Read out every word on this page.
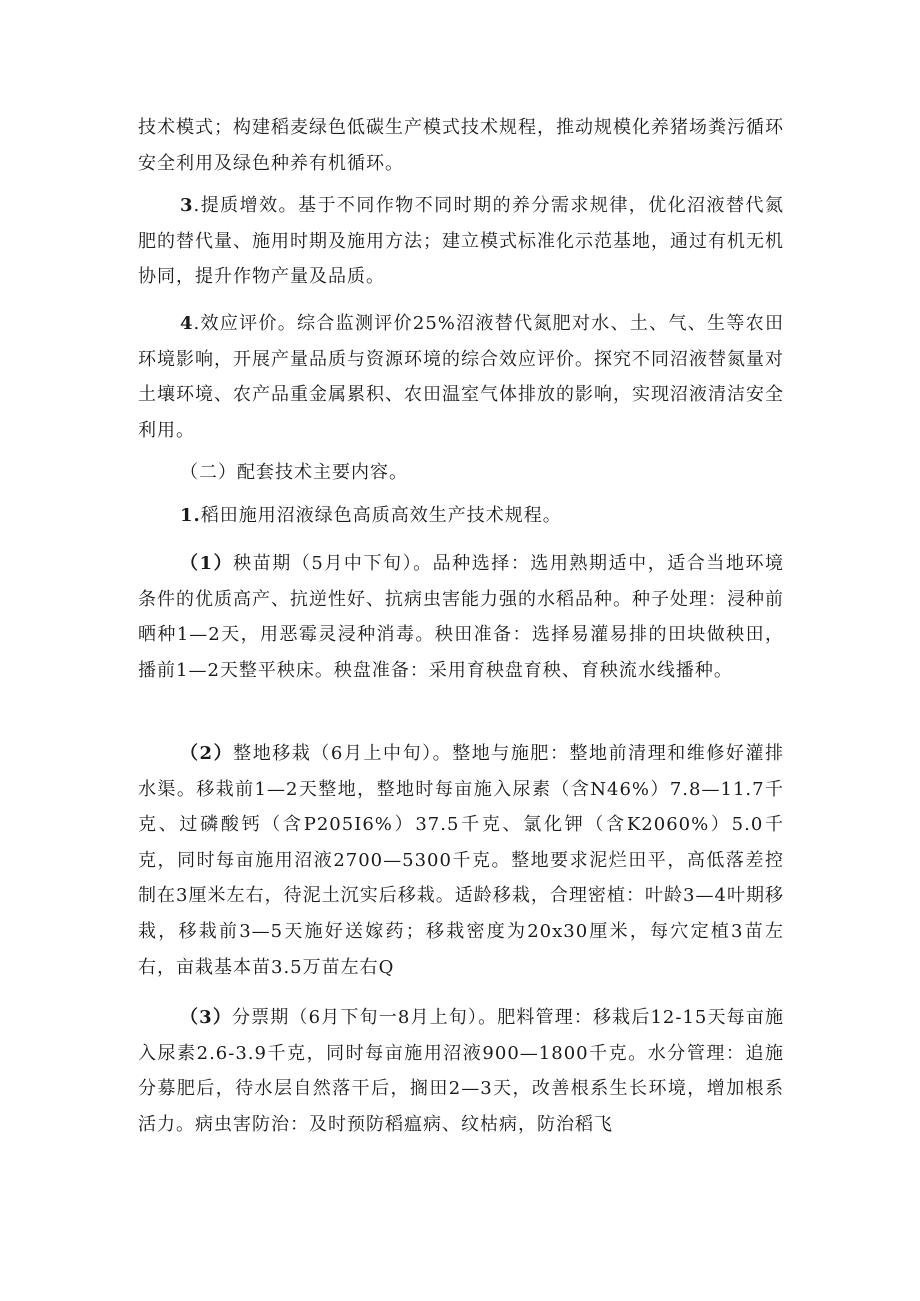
技术模式；构建稻麦绿色低碳生产模式技术规程，推动规模化养猪场粪污循环安全利用及绿色种养有机循环。

3.提质增效。基于不同作物不同时期的养分需求规律，优化沼液替代氮肥的替代量、施用时期及施用方法；建立模式标准化示范基地，通过有机无机协同，提升作物产量及品质。

4.效应评价。综合监测评价25%沼液替代氮肥对水、土、气、生等农田环境影响，开展产量品质与资源环境的综合效应评价。探究不同沼液替氮量对土壤环境、农产品重金属累积、农田温室气体排放的影响，实现沼液清洁安全利用。

（二）配套技术主要内容。

1.稻田施用沼液绿色高质高效生产技术规程。

（1）秧苗期（5月中下旬）。品种选择：选用熟期适中，适合当地环境条件的优质高产、抗逆性好、抗病虫害能力强的水稻品种。种子处理：浸种前晒种1—2天，用恶霉灵浸种消毒。秧田准备：选择易灌易排的田块做秧田，播前1—2天整平秧床。秧盘准备：采用育秧盘育秧、育秧流水线播种。

（2）整地移栽（6月上中旬）。整地与施肥：整地前清理和维修好灌排水渠。移栽前1—2天整地，整地时每亩施入尿素（含N46%）7.8—11.7千克、过磷酸钙（含P205I6%）37.5千克、氯化钾（含K2060%）5.0千克，同时每亩施用沼液2700—5300千克。整地要求泥烂田平，高低落差控制在3厘米左右，待泥土沉实后移栽。适龄移栽，合理密植：叶龄3—4叶期移栽，移栽前3—5天施好送嫁药；移栽密度为20x30厘米，每穴定植3苗左右，亩栽基本苗3.5万苗左右Q

（3）分票期（6月下旬一8月上旬）。肥料管理：移栽后12-15天每亩施入尿素2.6-3.9千克，同时每亩施用沼液900—1800千克。水分管理：追施分募肥后，待水层自然落干后，搁田2—3天，改善根系生长环境，增加根系活力。病虫害防治：及时预防稻瘟病、纹枯病，防治稻飞
